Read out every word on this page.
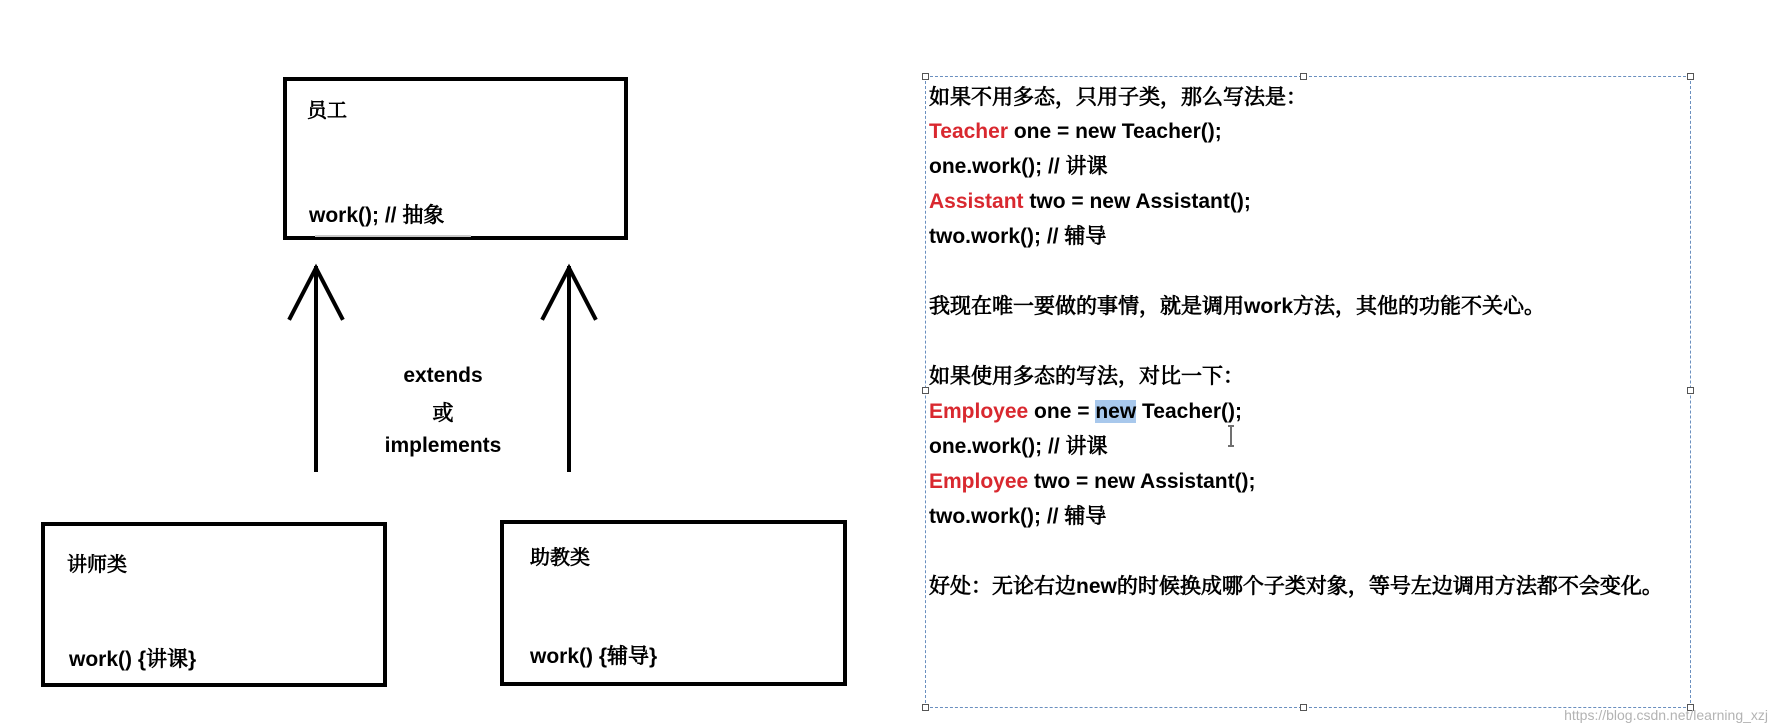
员工
work(); // 抽象
extends
或
implements
讲师类
work() {讲课}
助教类
work() {辅导}
如果不用多态，只用子类，那么写法是：
Teacher one = new Teacher();
one.work(); // 讲课
Assistant two = new Assistant();
two.work(); // 辅导
我现在唯一要做的事情，就是调用work方法，其他的功能不关心。
如果使用多态的写法，对比一下：
Employee one = new Teacher();
one.work(); // 讲课
Employee two = new Assistant();
two.work(); // 辅导
好处：无论右边new的时候换成哪个子类对象，等号左边调用方法都不会变化。
https://blog.csdn.net/learning_xzj
